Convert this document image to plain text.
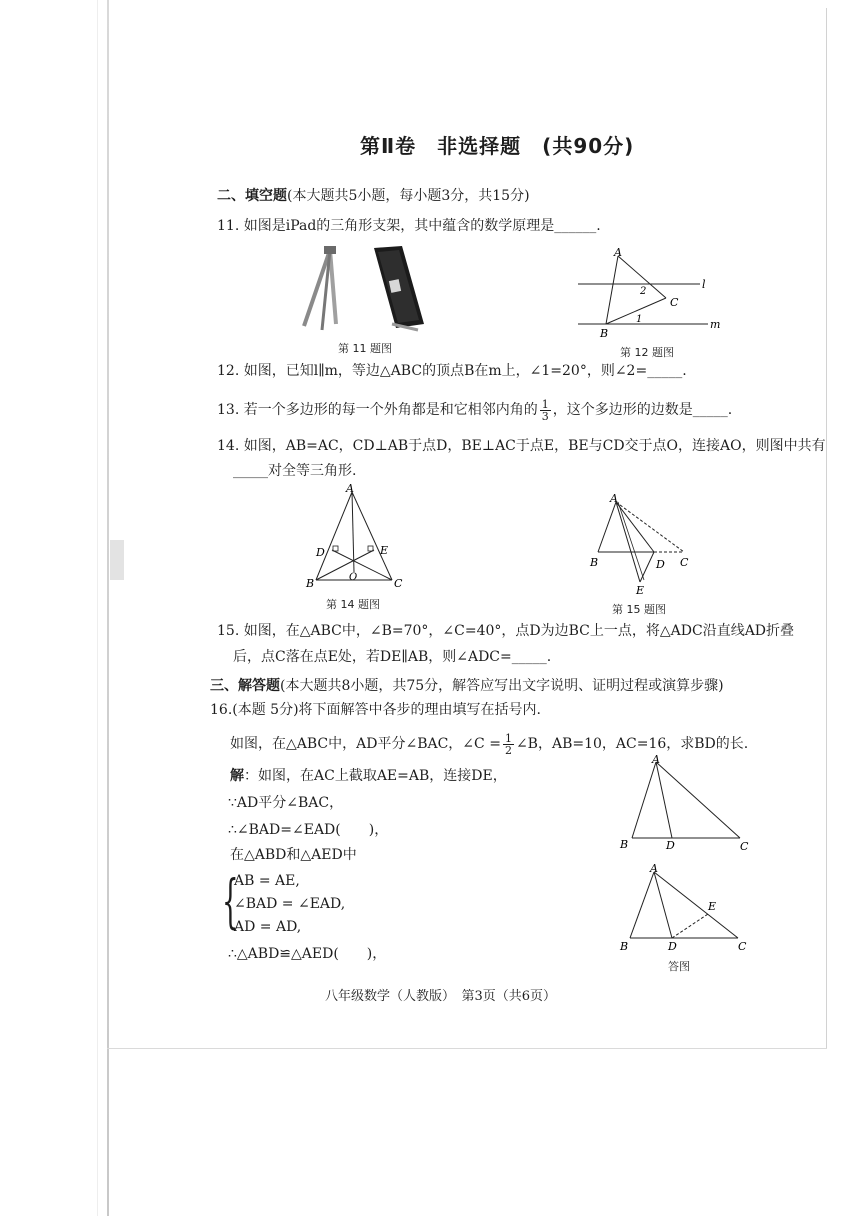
第Ⅱ卷　非选择题　(共90分)
二、填空题(本大题共5小题，每小题3分，共15分)
11. 如图是iPad的三角形支架，其中蕴含的数学原理是______.
第 11 题图
A
B
C
l
m
1
2
第 12 题图
12. 如图，已知l∥m，等边△ABC的顶点B在m上，∠1=20°，则∠2=_____.
13. 若一个多边形的每一个外角都是和它相邻内角的 $\frac{1}{3}$ ，这个多边形的边数是_____.
14. 如图，AB=AC，CD⊥AB于点D，BE⊥AC于点E，BE与CD交于点O，连接AO，则图中共有
_____对全等三角形.
A
B	C
D	E
O
第 14 题图
A
B	C
D
E
第 15 题图
15. 如图，在△ABC中，∠B=70°，∠C=40°，点D为边BC上一点，将△ADC沿直线AD折叠
后，点C落在点E处，若DE∥AB，则∠ADC=_____.
三、解答题(本大题共8小题，共75分，解答应写出文字说明、证明过程或演算步骤)
16.(本题 5分)将下面解答中各步的理由填写在括号内.
如图，在△ABC中，AD平分∠BAC，∠C = $\frac{1}{2}$ ∠B，AB=10，AC=16，求BD的长.
解：如图，在AC上截取AE=AB，连接DE，
∵AD平分∠BAC，
∴∠BAD=∠EAD(　　)，
在△ABD和△AED中
{
AB = AE,
∠BAD = ∠EAD,
AD = AD,
∴△ABD≌△AED(　　)，
A
B	C
D
A
B	C
D
E
答图
八年级数学（人教版）　第3页（共6页）
